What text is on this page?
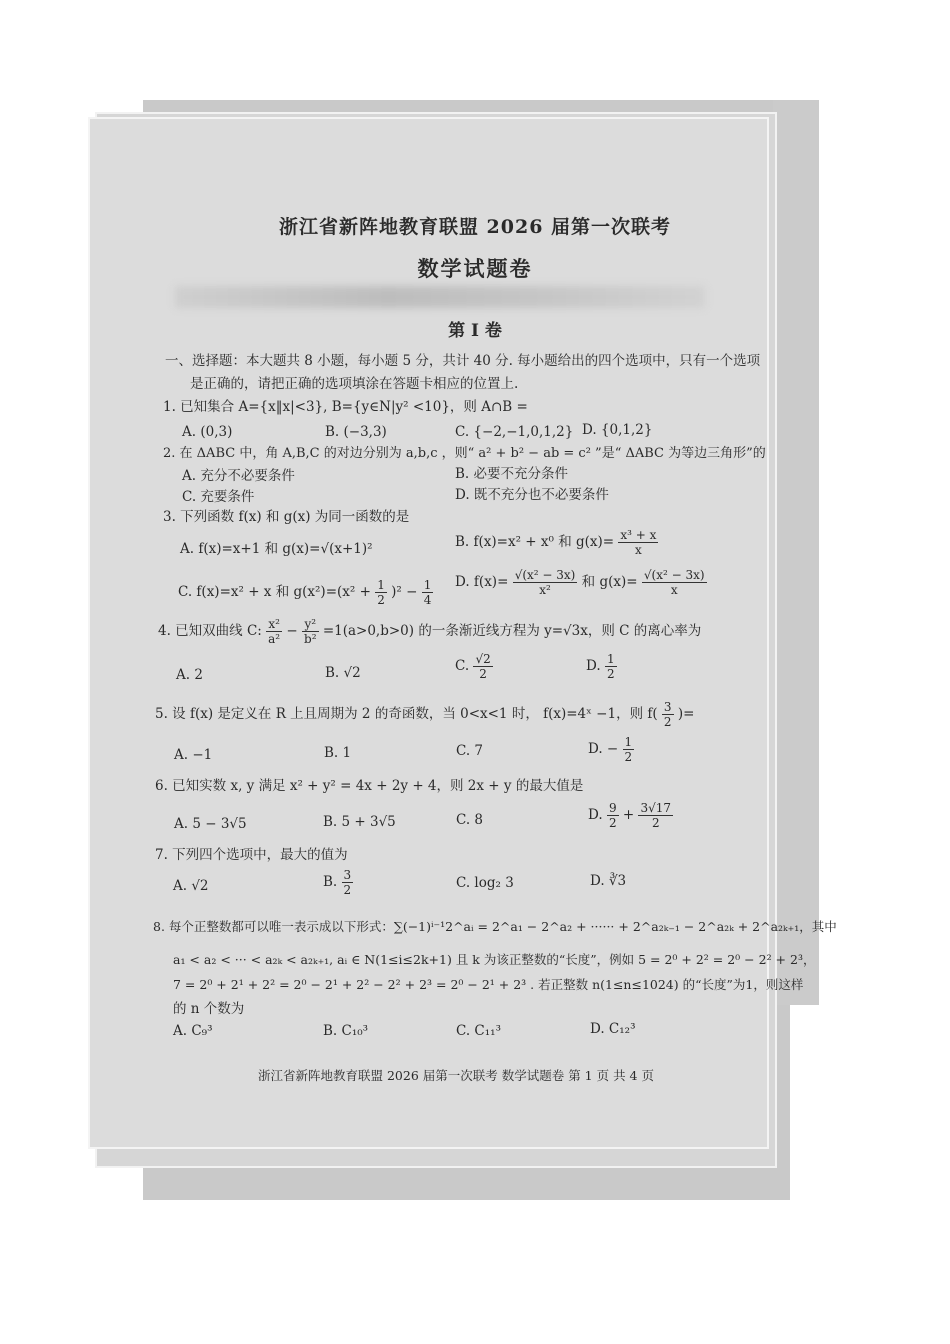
浙江省新阵地教育联盟 2026 届第一次联考
数学试题卷
第 I 卷
一、选择题：本大题共 8 小题，每小题 5 分，共计 40 分. 每小题给出的四个选项中，只有一个选项
是正确的，请把正确的选项填涂在答题卡相应的位置上.
1. 已知集合 A={x‖x|<3}, B={y∈N|y² <10}，则 A∩B =
A. (0,3)	B. (−3,3)	C. {−2,−1,0,1,2} D. {0,1,2}
2. 在 ΔABC 中，角 A,B,C 的对边分别为 a,b,c ，则“ a² + b² − ab = c² ”是“ ΔABC 为等边三角形”的
A. 充分不必要条件	B. 必要不充分条件
C. 充要条件	D. 既不充分也不必要条件
3. 下列函数 f(x) 和 g(x) 为同一函数的是
A. f(x)=x+1 和 g(x)=√(x+1)²	B. f(x)=x² + x⁰ 和 $g(x)= \frac{\text{x³ + x}}{x}$
C. f(x)=x² + x 和 $g(x^2)=(x^2 + \frac{1}{2} )^2 - \frac{1}{4} D$. $f(x)= \frac{\text{√(x² − 3x)}}{\text{x²}}$ 和 $g(x)= \frac{\text{√(x² − 3x)}}{x}$
4. 已知双曲线 C: $\frac{\text{x²}}{\text{a²}} - \frac{\text{y²}}{\text{b²}} =1(a>0,b>0)$ 的一条渐近线方程为 y=√3x，则 C 的离心率为
A. 2	B. √2	C. $\frac{√2}{2}$	D. $\frac{1}{2}$
5. 设 f(x) 是定义在 R 上且周期为 2 的奇函数，当 0<x<1 时， f(x)=4ˣ −1，则 $f( \frac{3}{2}$ )=
A. −1	B. 1	C. 7	D. − $\frac{1}{2}$
6. 已知实数 x, y 满足 x² + y² = 4x + 2y + 4，则 2x + y 的最大值是
A. 5 − 3√5	B. 5 + 3√5	C. 8	D. $\frac{9}{2} + \frac{3√17}{2}$
7. 下列四个选项中，最大的值为
A. √2	B. $\frac{3}{2}$	C. log₂ 3	D. ∛3
8. 每个正整数都可以唯一表示成以下形式：∑(−1)ⁱ⁻¹2^aᵢ = 2^a₁ − 2^a₂ + ······ + 2^a₂ₖ₋₁ − 2^a₂ₖ + 2^a₂ₖ₊₁，其中
a₁ < a₂ < ··· < a₂ₖ < a₂ₖ₊₁, aᵢ ∈ N(1≤i≤2k+1) 且 k 为该正整数的“长度”，例如 5 = 2⁰ + 2² = 2⁰ − 2² + 2³，
7 = 2⁰ + 2¹ + 2² = 2⁰ − 2¹ + 2² − 2² + 2³ = 2⁰ − 2¹ + 2³ . 若正整数 n(1≤n≤1024) 的“长度”为1，则这样
的 n 个数为
A. C₉³	B. C₁₀³	C. C₁₁³	D. C₁₂³
浙江省新阵地教育联盟 2026 届第一次联考 数学试题卷 第 1 页 共 4 页
